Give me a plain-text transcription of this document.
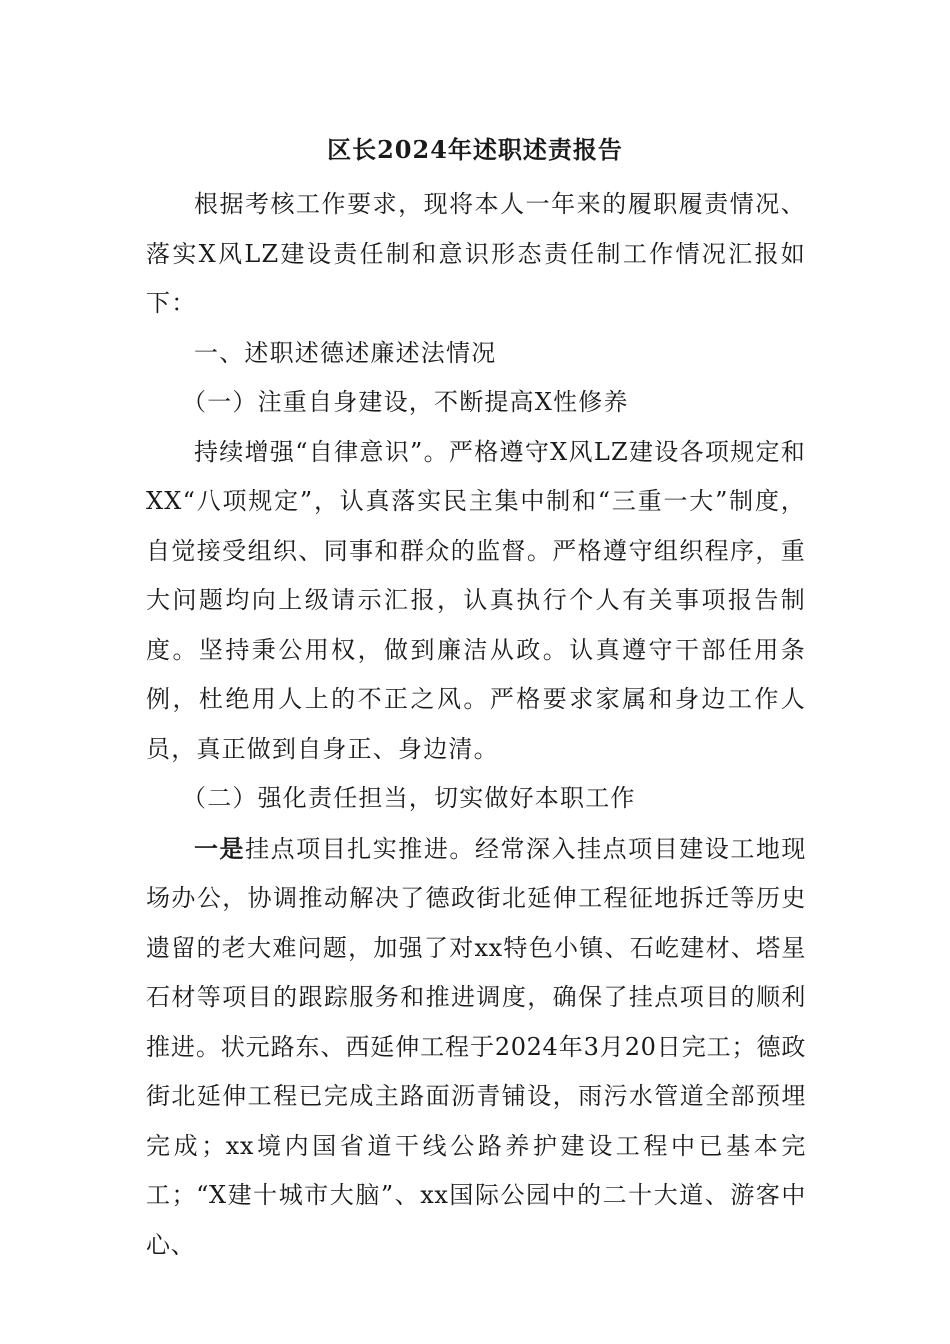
区长2024年述职述责报告

根据考核工作要求，现将本人一年来的履职履责情况、落实X风LZ建设责任制和意识形态责任制工作情况汇报如下：

一、述职述德述廉述法情况

（一）注重自身建设，不断提高X性修养

持续增强“自律意识”。严格遵守X风LZ建设各项规定和XX“八项规定”，认真落实民主集中制和“三重一大”制度，自觉接受组织、同事和群众的监督。严格遵守组织程序，重大问题均向上级请示汇报，认真执行个人有关事项报告制度。坚持秉公用权，做到廉洁从政。认真遵守干部任用条例，杜绝用人上的不正之风。严格要求家属和身边工作人员，真正做到自身正、身边清。

（二）强化责任担当，切实做好本职工作

一是挂点项目扎实推进。经常深入挂点项目建设工地现场办公，协调推动解决了德政街北延伸工程征地拆迁等历史遗留的老大难问题，加强了对xx特色小镇、石屹建材、塔星石材等项目的跟踪服务和推进调度，确保了挂点项目的顺利推进。状元路东、西延伸工程于2024年3月20日完工；德政街北延伸工程已完成主路面沥青铺设，雨污水管道全部预埋完成；xx境内国省道干线公路养护建设工程中已基本完工；“X建十城市大脑”、xx国际公园中的二十大道、游客中心、
